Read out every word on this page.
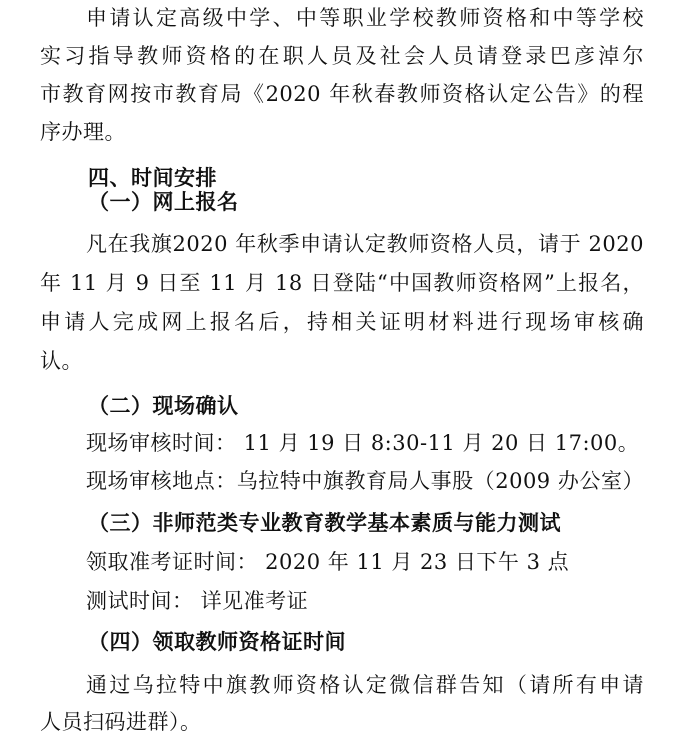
申请认定高级中学、中等职业学校教师资格和中等学校
实习指导教师资格的在职人员及社会人员请登录巴彦淖尔
市教育网按市教育局《2020 年秋春教师资格认定公告》的程
序办理。
四、时间安排
（一）网上报名
凡在我旗2020 年秋季申请认定教师资格人员，请于 2020
年 11 月 9 日至 11 月 18 日登陆“中国教师资格网”上报名，
申请人完成网上报名后，持相关证明材料进行现场审核确
认。
（二）现场确认
现场审核时间： 11 月 19 日 8:30-11 月 20 日 17:00。
现场审核地点：乌拉特中旗教育局人事股（2009 办公室）
（三）非师范类专业教育教学基本素质与能力测试
领取准考证时间： 2020 年 11 月 23 日下午 3 点
测试时间： 详见准考证
（四）领取教师资格证时间
通过乌拉特中旗教师资格认定微信群告知（请所有申请
人员扫码进群）。
